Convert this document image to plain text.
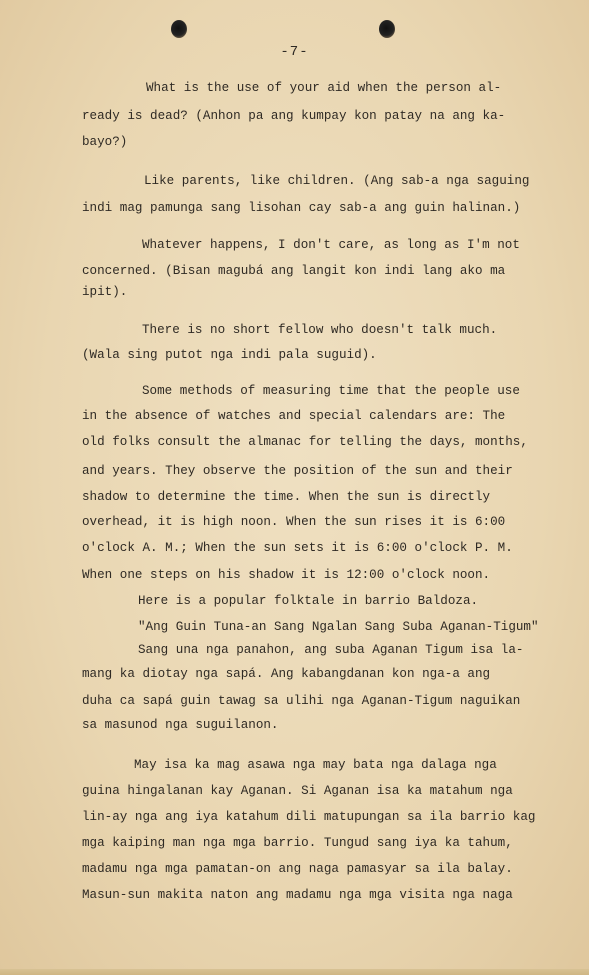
-7-
What is the use of your aid when the person al-
ready is dead? (Anhon pa ang kumpay kon patay na ang ka-
bayo?)
Like parents, like children. (Ang sab-a nga saguing
indi mag pamunga sang lisohan cay sab-a ang guin halinan.)
Whatever happens, I don't care, as long as I'm not
concerned. (Bisan magubá ang langit kon indi lang ako ma
ipit).
There is no short fellow who doesn't talk much.
(Wala sing putot nga indi pala suguid).
Some methods of measuring time that the people use
in the absence of watches and special calendars are: The
old folks consult the almanac for telling the days, months,
and years. They observe the position of the sun and their
shadow to determine the time. When the sun is directly
overhead, it is high noon. When the sun rises it is 6:00
o'clock A. M.; When the sun sets it is 6:00 o'clock P. M.
When one steps on his shadow it is 12:00 o'clock noon.
Here is a popular folktale in barrio Baldoza.
"Ang Guin Tuna-an Sang Ngalan Sang Suba Aganan-Tigum"
Sang una nga panahon, ang suba Aganan Tigum isa la-
mang ka diotay nga sapá. Ang kabangdanan kon nga-a ang
duha ca sapá guin tawag sa ulihi nga Aganan-Tigum naguikan
sa masunod nga suguilanon.
May isa ka mag asawa nga may bata nga dalaga nga
guina hingalanan kay Aganan. Si Aganan isa ka matahum nga
lin-ay nga ang iya katahum dili matupungan sa ila barrio kag
mga kaiping man nga mga barrio. Tungud sang iya ka tahum,
madamu nga mga pamatan-on ang naga pamasyar sa ila balay.
Masun-sun makita naton ang madamu nga mga visita nga naga
